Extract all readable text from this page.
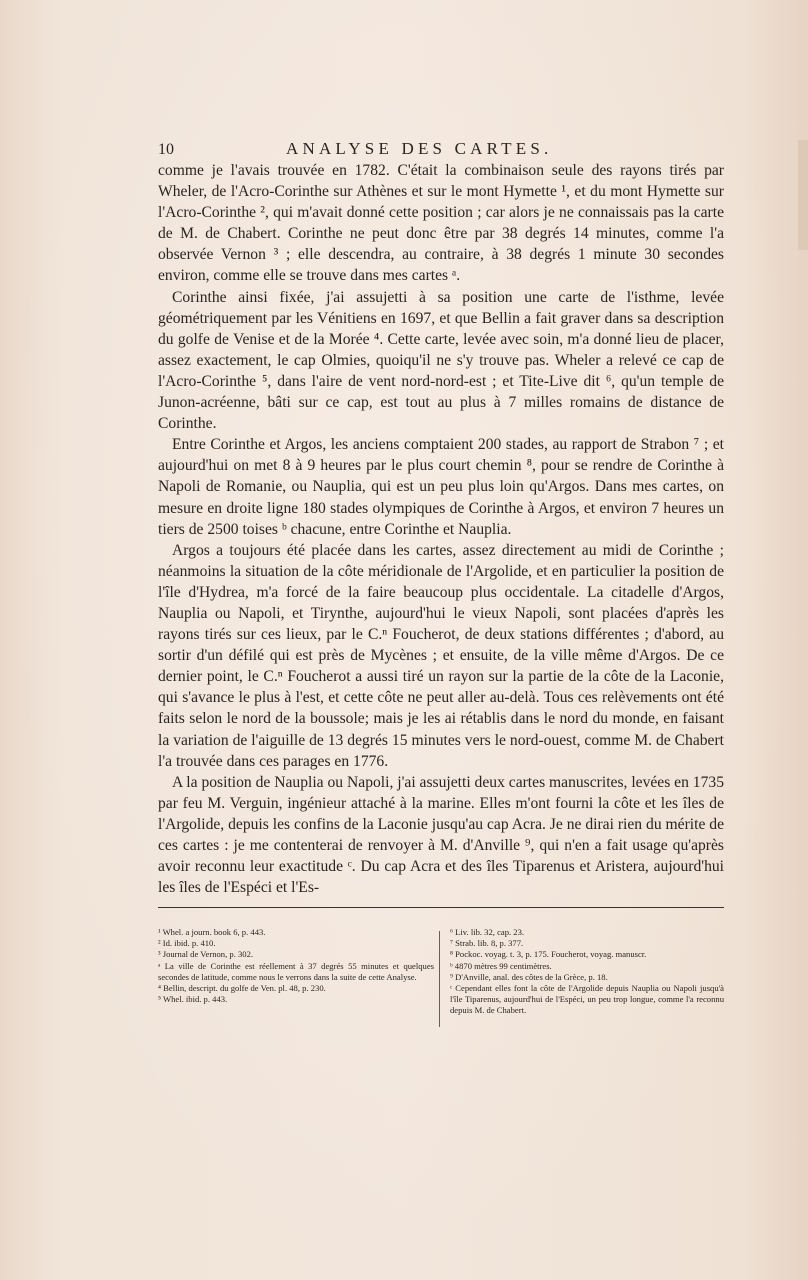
10	ANALYSE DES CARTES.

comme je l'avais trouvée en 1782. C'était la combinaison seule des rayons tirés par Wheler, de l'Acro-Corinthe sur Athènes et sur le mont Hymette ¹, et du mont Hymette sur l'Acro-Corinthe ², qui m'avait donné cette position ; car alors je ne connaissais pas la carte de M. de Chabert. Corinthe ne peut donc être par 38 degrés 14 minutes, comme l'a observée Vernon ³ ; elle descendra, au contraire, à 38 degrés 1 minute 30 secondes environ, comme elle se trouve dans mes cartes ᵃ.

Corinthe ainsi fixée, j'ai assujetti à sa position une carte de l'isthme, levée géométriquement par les Vénitiens en 1697, et que Bellin a fait graver dans sa description du golfe de Venise et de la Morée ⁴. Cette carte, levée avec soin, m'a donné lieu de placer, assez exactement, le cap Olmies, quoiqu'il ne s'y trouve pas. Wheler a relevé ce cap de l'Acro-Corinthe ⁵, dans l'aire de vent nord-nord-est ; et Tite-Live dit ⁶, qu'un temple de Junon-acréenne, bâti sur ce cap, est tout au plus à 7 milles romains de distance de Corinthe.

Entre Corinthe et Argos, les anciens comptaient 200 stades, au rapport de Strabon ⁷ ; et aujourd'hui on met 8 à 9 heures par le plus court chemin ⁸, pour se rendre de Corinthe à Napoli de Romanie, ou Nauplia, qui est un peu plus loin qu'Argos. Dans mes cartes, on mesure en droite ligne 180 stades olympiques de Corinthe à Argos, et environ 7 heures un tiers de 2500 toises ᵇ chacune, entre Corinthe et Nauplia.

Argos a toujours été placée dans les cartes, assez directement au midi de Corinthe ; néanmoins la situation de la côte méridionale de l'Argolide, et en particulier la position de l'île d'Hydrea, m'a forcé de la faire beaucoup plus occidentale. La citadelle d'Argos, Nauplia ou Napoli, et Tirynthe, aujourd'hui le vieux Napoli, sont placées d'après les rayons tirés sur ces lieux, par le C.ⁿ Foucherot, de deux stations différentes ; d'abord, au sortir d'un défilé qui est près de Mycènes ; et ensuite, de la ville même d'Argos. De ce dernier point, le C.ⁿ Foucherot a aussi tiré un rayon sur la partie de la côte de la Laconie, qui s'avance le plus à l'est, et cette côte ne peut aller au-delà. Tous ces relèvements ont été faits selon le nord de la boussole; mais je les ai rétablis dans le nord du monde, en faisant la variation de l'aiguille de 13 degrés 15 minutes vers le nord-ouest, comme M. de Chabert l'a trouvée dans ces parages en 1776.

A la position de Nauplia ou Napoli, j'ai assujetti deux cartes manuscrites, levées en 1735 par feu M. Verguin, ingénieur attaché à la marine. Elles m'ont fourni la côte et les îles de l'Argolide, depuis les confins de la Laconie jusqu'au cap Acra. Je ne dirai rien du mérite de ces cartes : je me contenterai de renvoyer à M. d'Anville ⁹, qui n'en a fait usage qu'après avoir reconnu leur exactitude ᶜ. Du cap Acra et des îles Tiparenus et Aristera, aujourd'hui les îles de l'Espéci et l'Es-

¹ Whel. a journ. book 6, p. 443.
² Id. ibid. p. 410.
³ Journal de Vernon, p. 302.
ᵃ La ville de Corinthe est réellement à 37 degrés 55 minutes et quelques secondes de latitude, comme nous le verrons dans la suite de cette Analyse.
⁴ Bellin, descript. du golfe de Ven. pl. 48, p. 230.
⁵ Whel. ibid. p. 443.
⁶ Liv. lib. 32, cap. 23.
⁷ Strab. lib. 8, p. 377.
⁸ Pockoc. voyag. t. 3, p. 175. Foucherot, voyag. manuscr.
ᵇ 4870 mètres 99 centimètres.
⁹ D'Anville, anal. des côtes de la Grèce, p. 18.
ᶜ Cependant elles font la côte de l'Argolide depuis Nauplia ou Napoli jusqu'à l'île Tiparenus, aujourd'hui de l'Espéci, un peu trop longue, comme l'a reconnu depuis M. de Chabert.
